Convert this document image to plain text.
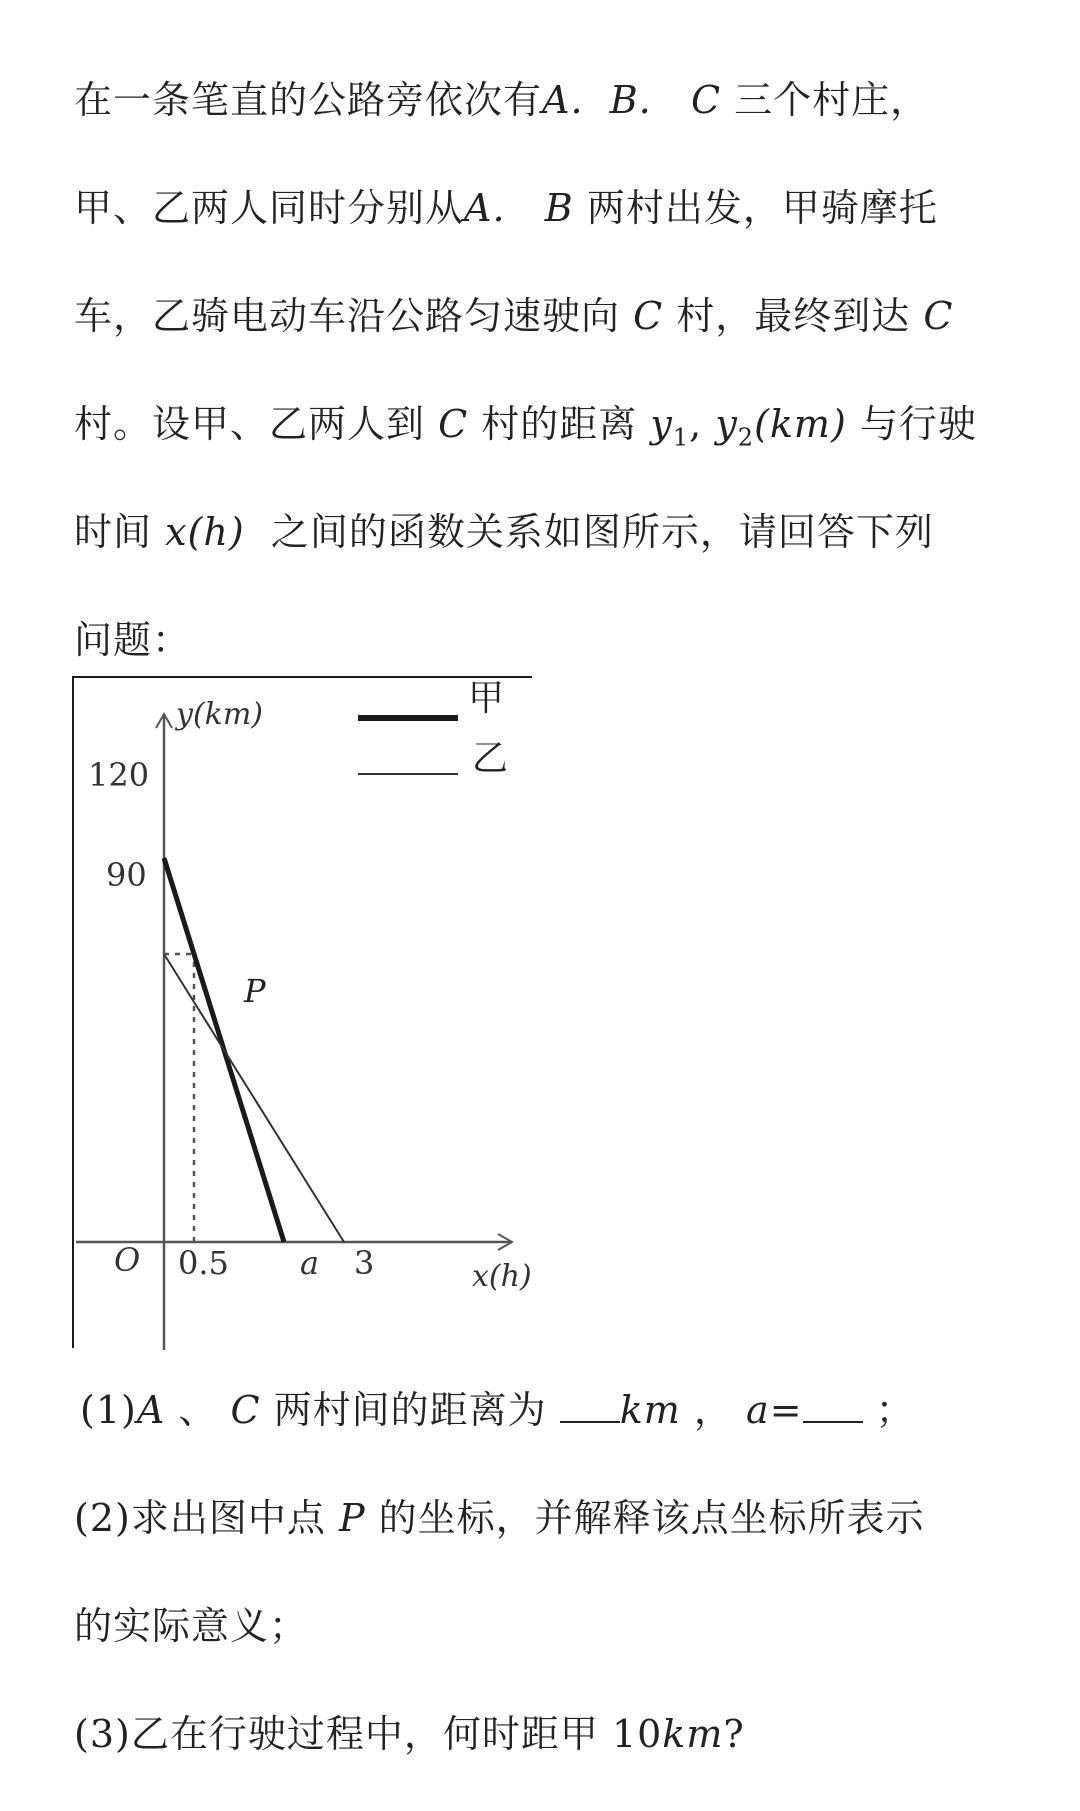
在一条笔直的公路旁依次有A. B. C 三个村庄，
甲、乙两人同时分别从A. B 两村出发，甲骑摩托
车，乙骑电动车沿公路匀速驶向 C 村，最终到达 C
村。设甲、乙两人到 C 村的距离 $y_1$, $y_2(km)$ 与行驶
时间 x(h) 之间的函数关系如图所示，请回答下列
问题：
y(km)
x(h)
O
120
90
0.5 a 3
P
甲
乙
(1)A 、 C 两村间的距离为 km ， a= ；
(2)求出图中点 P 的坐标，并解释该点坐标所表示
的实际意义；
(3)乙在行驶过程中，何时距甲 10km?
